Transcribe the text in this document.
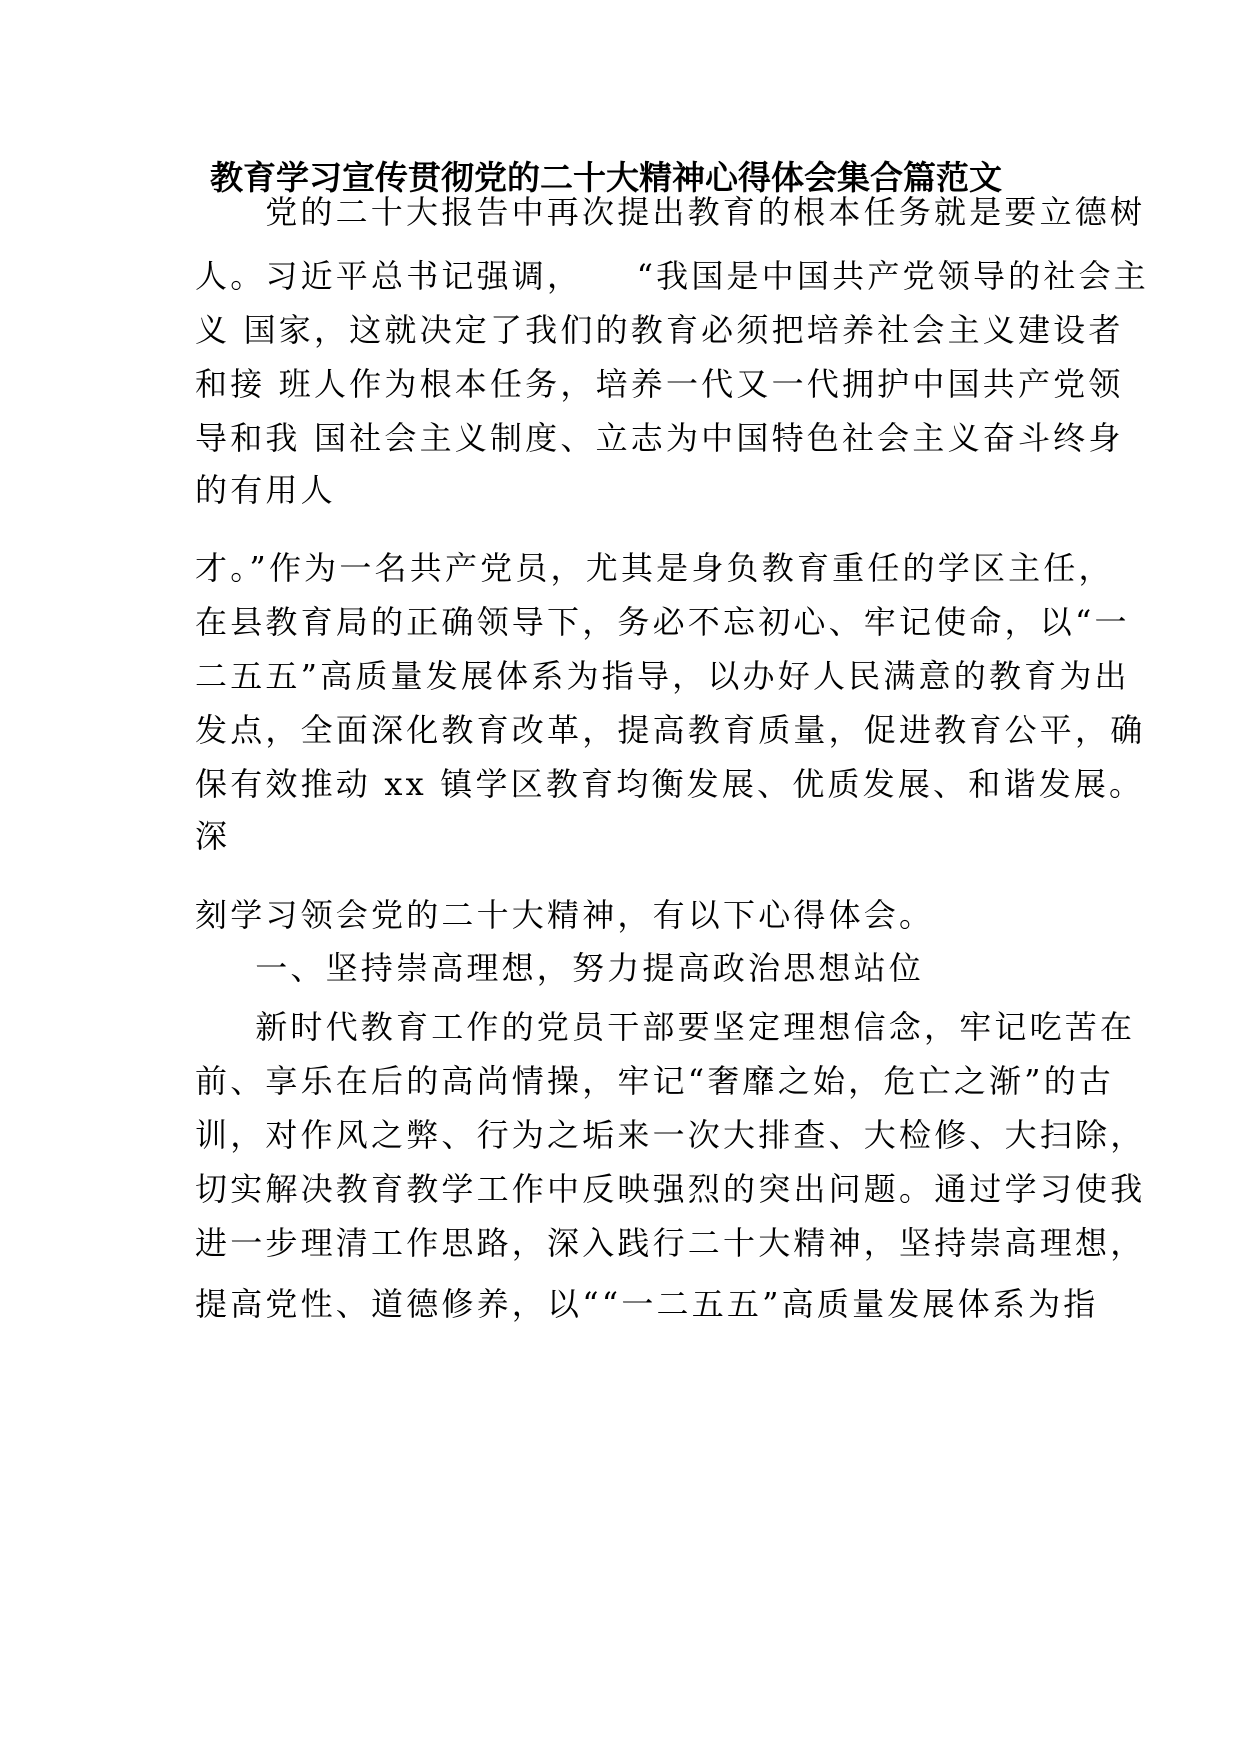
教育学习宣传贯彻党的二十大精神心得体会集合篇范文
　党的二十大报告中再次提出教育的根本任务就是要立德树
人。习近平总书记强调，　　“我国是中国共产党领导的社会主
义 国家，这就决定了我们的教育必须把培养社会主义建设者
和接 班人作为根本任务，培养一代又一代拥护中国共产党领
导和我 国社会主义制度、立志为中国特色社会主义奋斗终身
的有用人
才。”作为一名共产党员，尤其是身负教育重任的学区主任，
在县教育局的正确领导下，务必不忘初心、牢记使命，以“一
二五五”高质量发展体系为指导，以办好人民满意的教育为出
发点，全面深化教育改革，提高教育质量，促进教育公平，确
保有效推动 xx 镇学区教育均衡发展、优质发展、和谐发展。
深
刻学习领会党的二十大精神，有以下心得体会。
　一、坚持崇高理想，努力提高政治思想站位
　新时代教育工作的党员干部要坚定理想信念，牢记吃苦在
前、享乐在后的高尚情操，牢记“奢靡之始，危亡之渐”的古
训，对作风之弊、行为之垢来一次大排查、大检修、大扫除，
切实解决教育教学工作中反映强烈的突出问题。通过学习使我
进一步理清工作思路，深入践行二十大精神，坚持崇高理想，
提高党性、道德修养，以““一二五五”高质量发展体系为指
